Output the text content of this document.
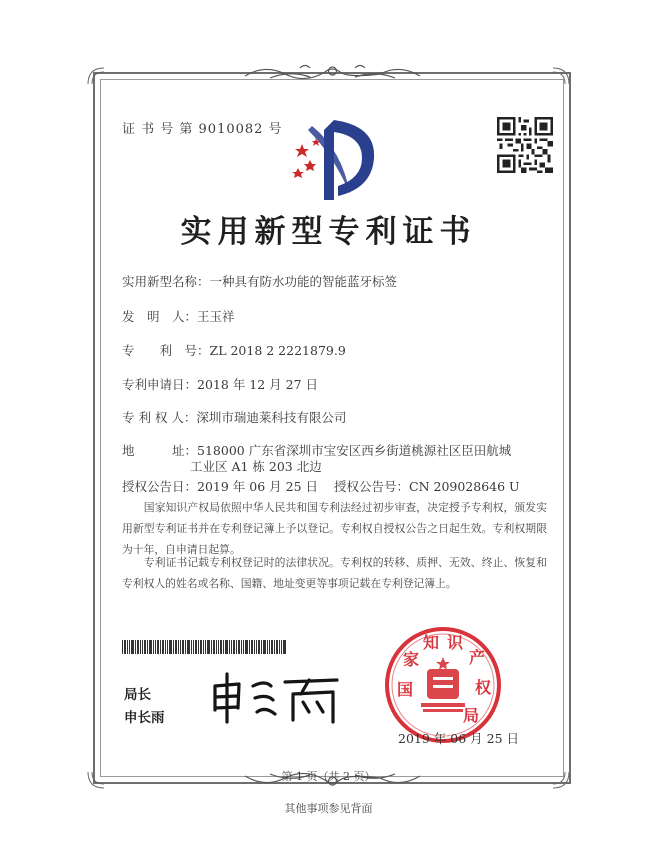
证 书 号 第 9010082 号
实用新型专利证书
实用新型名称：一种具有防水功能的智能蓝牙标签
发　明　人：王玉祥
专　　利　号：ZL 2018 2 2221879.9
专利申请日：2018 年 12 月 27 日
专 利 权 人：深圳市瑞迪莱科技有限公司
地　　　址：518000 广东省深圳市宝安区西乡街道桃源社区臣田航城
工业区 A1 栋 203 北边
授权公告日：2019 年 06 月 25 日 授权公告号：CN 209028646 U
　　国家知识产权局依照中华人民共和国专利法经过初步审查，决定授予专利权，颁发实用新型专利证书并在专利登记簿上予以登记。专利权自授权公告之日起生效。专利权期限为十年，自申请日起算。
　　专利证书记载专利权登记时的法律状况。专利权的转移、质押、无效、终止、恢复和专利权人的姓名或名称、国籍、地址变更等事项记载在专利登记簿上。
局长
申长雨
国
家
知 识
产
权
局
2019 年 06 月 25 日
第 1 页（共 2 页）
其他事项参见背面
